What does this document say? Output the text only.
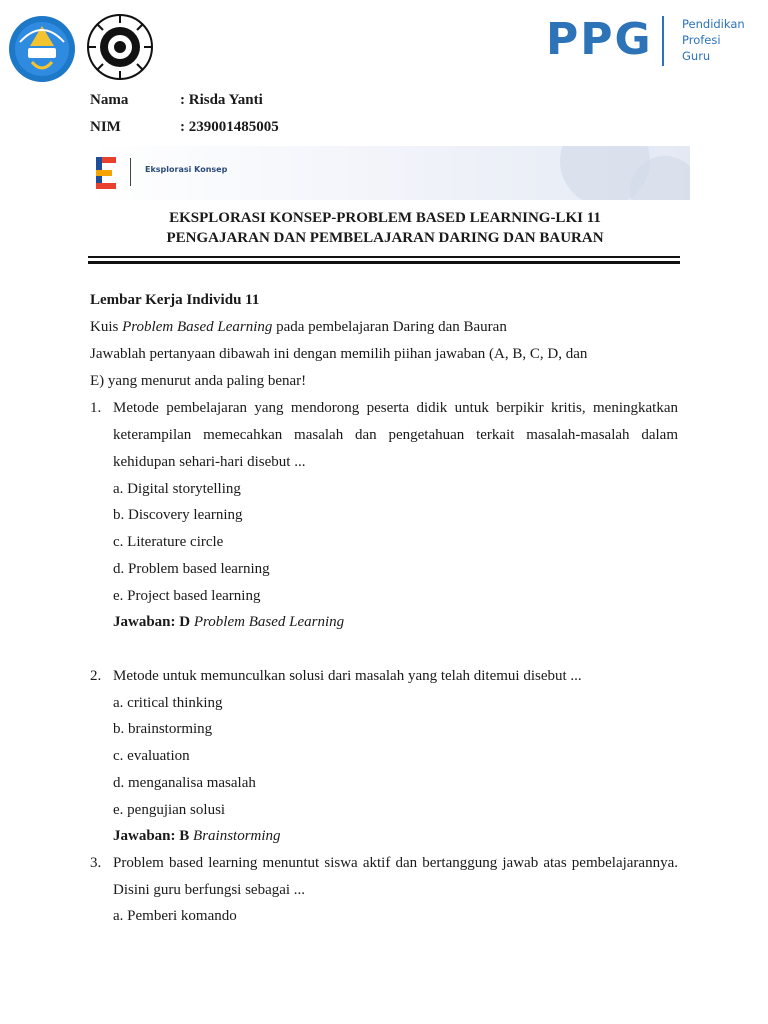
PPG	Pendidikan
Profesi
Guru
Nama	: Risda Yanti
NIM	: 239001485005
Eksplorasi Konsep
EKSPLORASI KONSEP-PROBLEM BASED LEARNING-LKI 11
PENGAJARAN DAN PEMBELAJARAN DARING DAN BAURAN
Lembar Kerja Individu 11
Kuis Problem Based Learning pada pembelajaran Daring dan Bauran
Jawablah pertanyaan dibawah ini dengan memilih piihan jawaban (A, B, C, D, dan
E) yang menurut anda paling benar!
1. Metode pembelajaran yang mendorong peserta didik untuk berpikir kritis, meningkatkan
keterampilan memecahkan masalah dan pengetahuan terkait masalah-masalah dalam
kehidupan sehari-hari disebut ...
a. Digital storytelling
b. Discovery learning
c. Literature circle
d. Problem based learning
e. Project based learning
Jawaban: D Problem Based Learning
2. Metode untuk memunculkan solusi dari masalah yang telah ditemui disebut ...
a. critical thinking
b. brainstorming
c. evaluation
d. menganalisa masalah
e. pengujian solusi
Jawaban: B Brainstorming
3. Problem based learning menuntut siswa aktif dan bertanggung jawab atas pembelajarannya.
Disini guru berfungsi sebagai ...
a. Pemberi komando
